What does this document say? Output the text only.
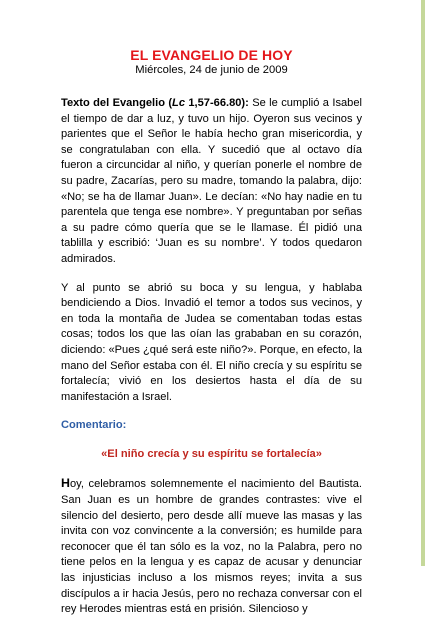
EL EVANGELIO DE HOY
Miércoles, 24 de junio de 2009

Texto del Evangelio (Lc 1,57-66.80): Se le cumplió a Isabel el tiempo de dar a luz, y tuvo un hijo. Oyeron sus vecinos y parientes que el Señor le había hecho gran misericordia, y se congratulaban con ella. Y sucedió que al octavo día fueron a circuncidar al niño, y querían ponerle el nombre de su padre, Zacarías, pero su madre, tomando la palabra, dijo: «No; se ha de llamar Juan». Le decían: «No hay nadie en tu parentela que tenga ese nombre». Y preguntaban por señas a su padre cómo quería que se le llamase. Él pidió una tablilla y escribió: ‘Juan es su nombre’. Y todos quedaron admirados.

Y al punto se abrió su boca y su lengua, y hablaba bendiciendo a Dios. Invadió el temor a todos sus vecinos, y en toda la montaña de Judea se comentaban todas estas cosas; todos los que las oían las grababan en su corazón, diciendo: «Pues ¿qué será este niño?». Porque, en efecto, la mano del Señor estaba con él. El niño crecía y su espíritu se fortalecía; vivió en los desiertos hasta el día de su manifestación a Israel.

Comentario:
«El niño crecía y su espíritu se fortalecía»

Hoy, celebramos solemnemente el nacimiento del Bautista. San Juan es un hombre de grandes contrastes: vive el silencio del desierto, pero desde allí mueve las masas y las invita con voz convincente a la conversión; es humilde para reconocer que él tan sólo es la voz, no la Palabra, pero no tiene pelos en la lengua y es capaz de acusar y denunciar las injusticias incluso a los mismos reyes; invita a sus discípulos a ir hacia Jesús, pero no rechaza conversar con el rey Herodes mientras está en prisión. Silencioso y
